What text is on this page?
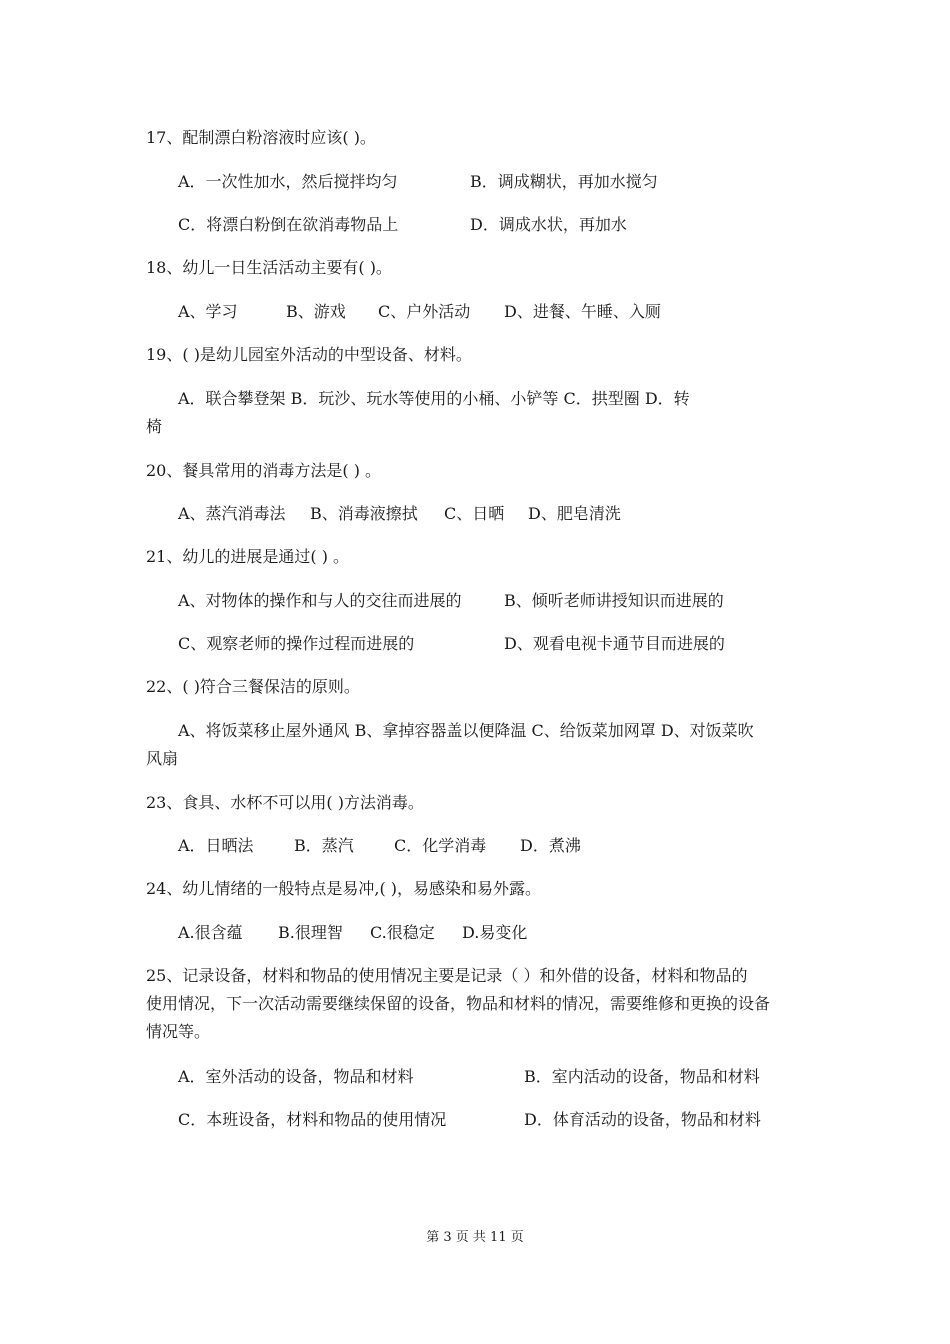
17、配制漂白粉溶液时应该( )。
A．一次性加水，然后搅拌均匀	B．调成糊状，再加水搅匀
C．将漂白粉倒在欲消毒物品上	D．调成水状，再加水
18、幼儿一日生活活动主要有( )。
A、学习	B、游戏 C、户外活动 D、进餐、午睡、入厕
19、( )是幼儿园室外活动的中型设备、材料。
A．联合攀登架 B．玩沙、玩水等使用的小桶、小铲等 C．拱型圈 D．转
椅
20、餐具常用的消毒方法是( ) 。
A、蒸汽消毒法 B、消毒液擦拭 C、日晒 D、肥皂清洗
21、幼儿的进展是通过( ) 。
A、对物体的操作和与人的交往而进展的	B、倾听老师讲授知识而进展的
C、观察老师的操作过程而进展的	D、观看电视卡通节目而进展的
22、( )符合三餐保洁的原则。
A、将饭菜移止屋外通风 B、拿掉容器盖以便降温 C、给饭菜加网罩 D、对饭菜吹
风扇
23、食具、水杯不可以用( )方法消毒。
A．日晒法	B．蒸汽	C．化学消毒 D．煮沸
24、幼儿情绪的一般特点是易冲,( )，易感染和易外露。
A.很含蕴 B.很理智 C.很稳定 D.易变化
25、记录设备，材料和物品的使用情况主要是记录（ ）和外借的设备，材料和物品的
使用情况，下一次活动需要继续保留的设备，物品和材料的情况，需要维修和更换的设备
情况等。
A．室外活动的设备，物品和材料	B．室内活动的设备，物品和材料
C．本班设备，材料和物品的使用情况	D．体育活动的设备，物品和材料
第 3 页 共 11 页
